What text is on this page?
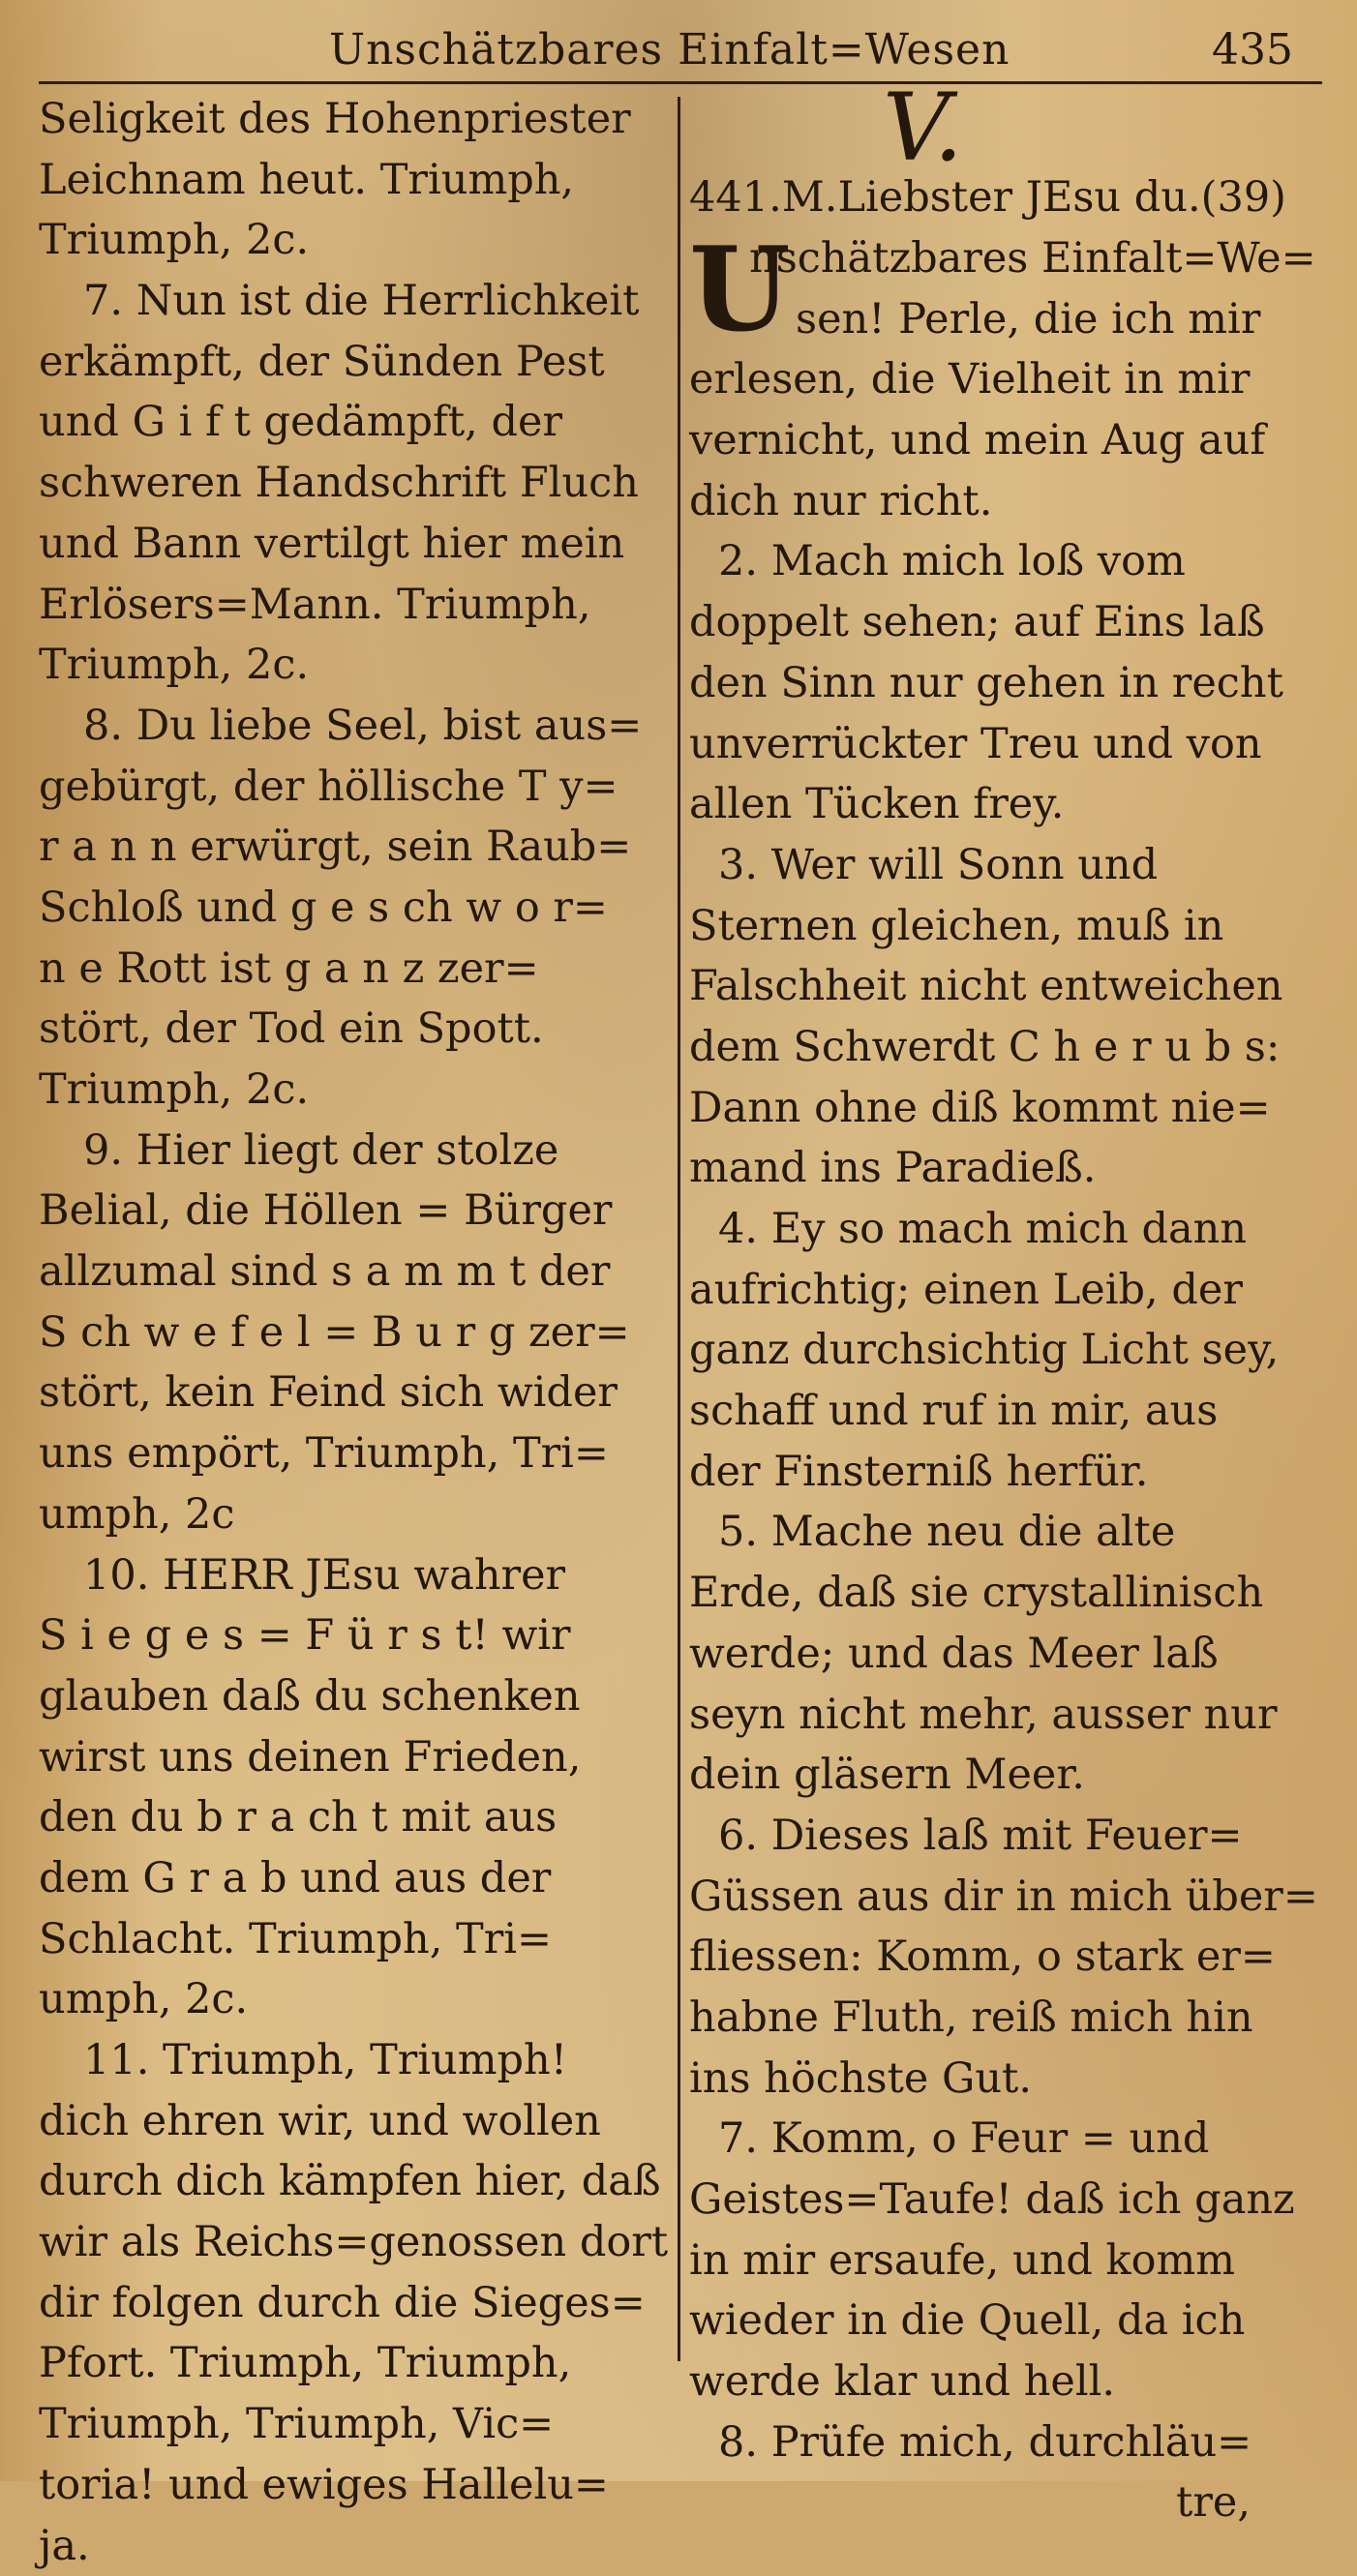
Unschätzbares Einfalt=Wesen	435
Seligkeit des Hohenpriester
Leichnam heut. Triumph,
Triumph, 2c.
7. Nun ist die Herrlichkeit
erkämpft, der Sünden Pest
und G i f t gedämpft, der
schweren Handschrift Fluch
und Bann vertilgt hier mein
Erlösers=Mann. Triumph,
Triumph, 2c.
8. Du liebe Seel, bist aus=
gebürgt, der höllische T y=
r a n n erwürgt, sein Raub=
Schloß und g e s ch w o r=
n e Rott ist g a n z zer=
stört, der Tod ein Spott.
Triumph, 2c.
9. Hier liegt der stolze
Belial, die Höllen = Bürger
allzumal sind s a m m t der
S ch w e f e l = B u r g zer=
stört, kein Feind sich wider
uns empört, Triumph, Tri=
umph, 2c
10. HERR JEsu wahrer
S i e g e s = F ü r s t! wir
glauben daß du schenken
wirst uns deinen Frieden,
den du b r a ch t mit aus
dem G r a b und aus der
Schlacht. Triumph, Tri=
umph, 2c.
11. Triumph, Triumph!
dich ehren wir, und wollen
durch dich kämpfen hier, daß
wir als Reichs=genossen dort
dir folgen durch die Sieges=
Pfort. Triumph, Triumph,
Triumph, Triumph, Vic=
toria! und ewiges Hallelu=
ja.
V.
441.M.Liebster JEsu du.(39)
U
nschätzbares Einfalt=We=
sen! Perle, die ich mir
erlesen, die Vielheit in mir
vernicht, und mein Aug auf
dich nur richt.
2. Mach mich loß vom
doppelt sehen; auf Eins laß
den Sinn nur gehen in recht
unverrückter Treu und von
allen Tücken frey.
3. Wer will Sonn und
Sternen gleichen, muß in
Falschheit nicht entweichen
dem Schwerdt C h e r u b s:
Dann ohne diß kommt nie=
mand ins Paradieß.
4. Ey so mach mich dann
aufrichtig; einen Leib, der
ganz durchsichtig Licht sey,
schaff und ruf in mir, aus
der Finsterniß herfür.
5. Mache neu die alte
Erde, daß sie crystallinisch
werde; und das Meer laß
seyn nicht mehr, ausser nur
dein gläsern Meer.
6. Dieses laß mit Feuer=
Güssen aus dir in mich über=
fliessen: Komm, o stark er=
habne Fluth, reiß mich hin
ins höchste Gut.
7. Komm, o Feur = und
Geistes=Taufe! daß ich ganz
in mir ersaufe, und komm
wieder in die Quell, da ich
werde klar und hell.
8. Prüfe mich, durchläu=
tre,
